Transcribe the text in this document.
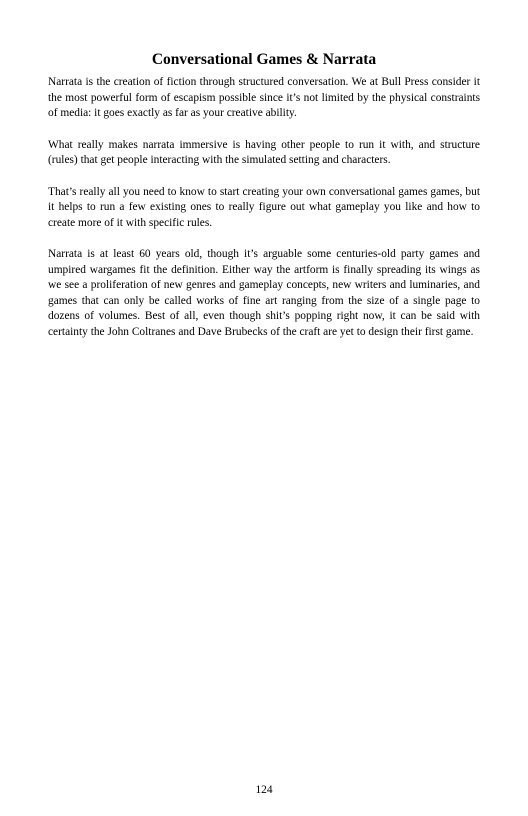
Conversational Games & Narrata

Narrata is the creation of fiction through structured conversation. We at Bull Press consider it the most powerful form of escapism possible since it’s not limited by the physical constraints of media: it goes exactly as far as your creative ability.

What really makes narrata immersive is having other people to run it with, and structure (rules) that get people interacting with the simulated setting and characters.

That’s really all you need to know to start creating your own conversational games games, but it helps to run a few existing ones to really figure out what gameplay you like and how to create more of it with specific rules.

Narrata is at least 60 years old, though it’s arguable some centuries-old party games and umpired wargames fit the definition. Either way the artform is finally spreading its wings as we see a proliferation of new genres and gameplay concepts, new writers and luminaries, and games that can only be called works of fine art ranging from the size of a single page to dozens of volumes. Best of all, even though shit’s popping right now, it can be said with certainty the John Coltranes and Dave Brubecks of the craft are yet to design their first game.

124
